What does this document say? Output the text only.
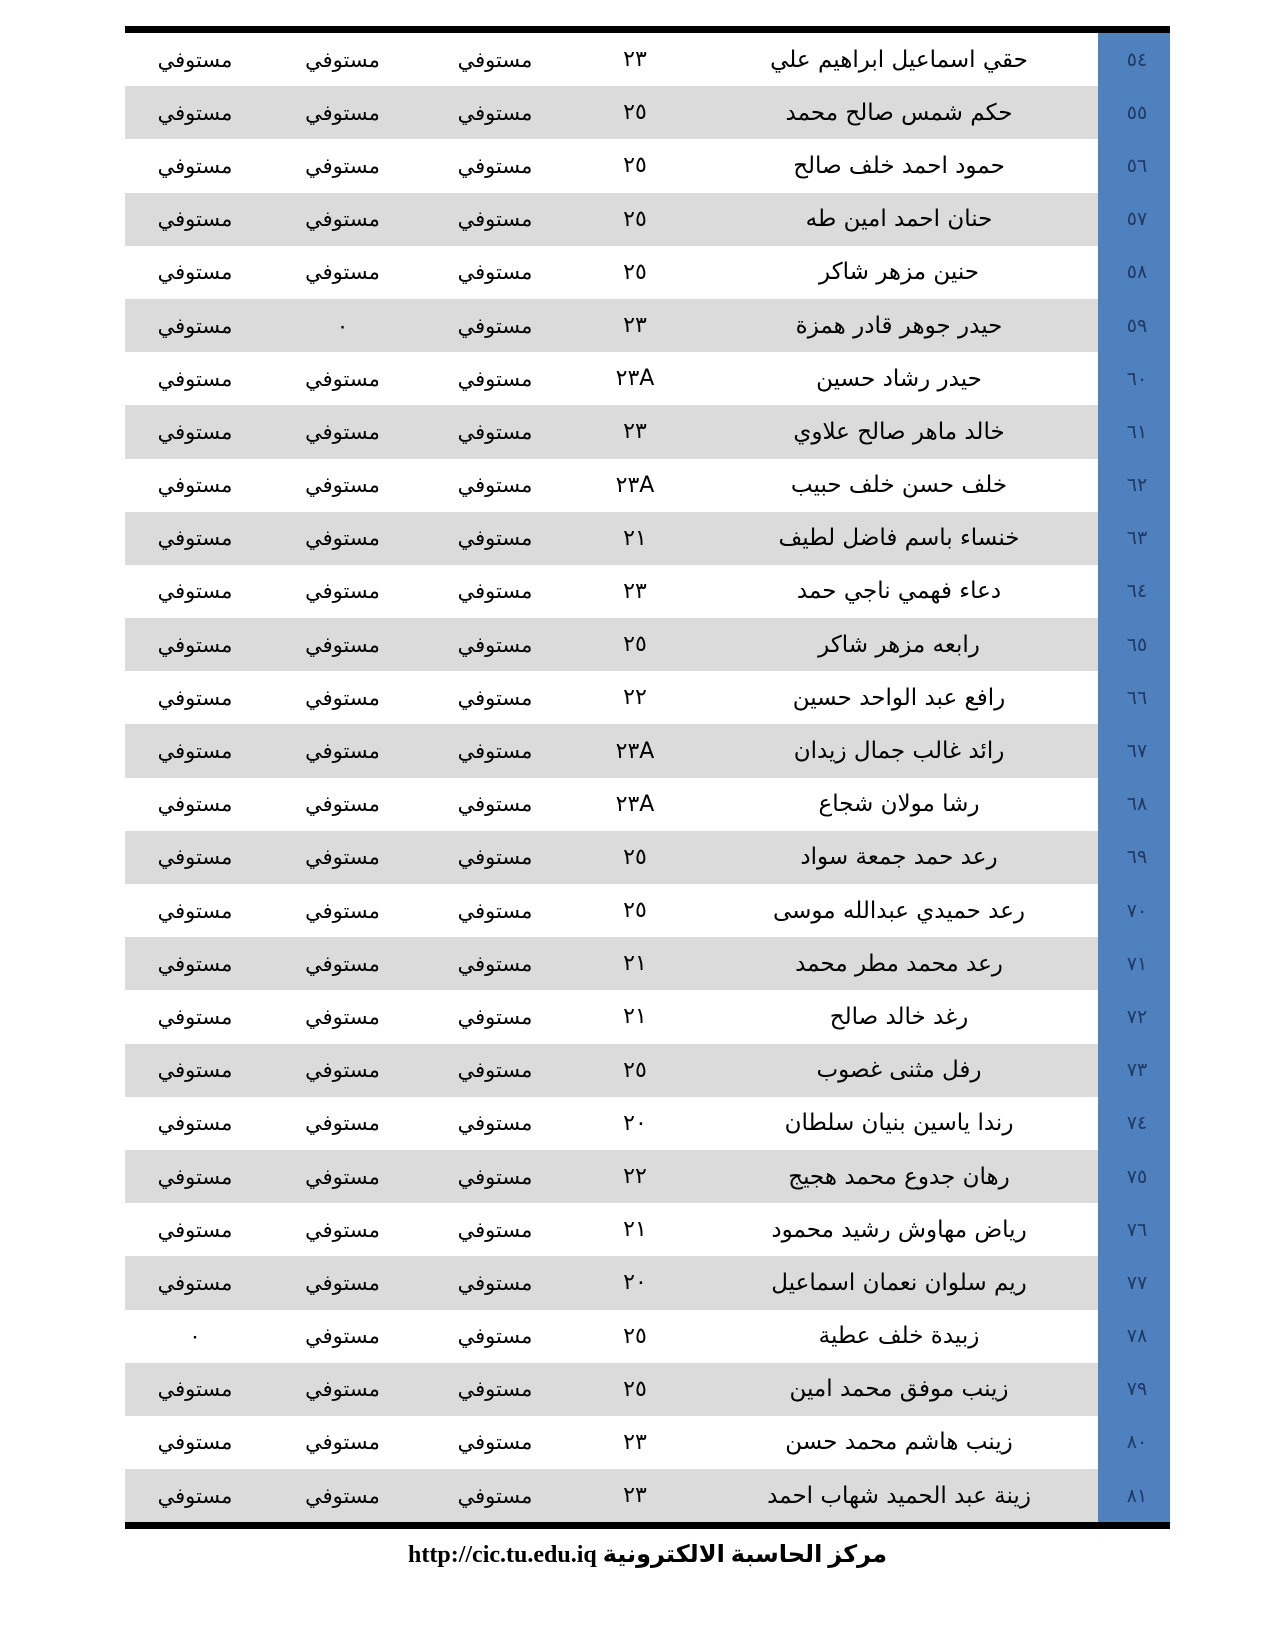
مستوفي	مستوفي	مستوفي	٢٣	حقي اسماعيل ابراهيم علي	٥٤
مستوفي	مستوفي	مستوفي	٢٥	حكم شمس صالح محمد	٥٥
مستوفي	مستوفي	مستوفي	٢٥	حمود احمد خلف صالح	٥٦
مستوفي	مستوفي	مستوفي	٢٥	حنان احمد امين طه	٥٧
مستوفي	مستوفي	مستوفي	٢٥	حنين مزهر شاكر	٥٨
مستوفي	٠	مستوفي	٢٣	حيدر جوهر قادر همزة	٥٩
مستوفي	مستوفي	مستوفي	٢٣A	حيدر رشاد حسين	٦٠
مستوفي	مستوفي	مستوفي	٢٣	خالد ماهر صالح علاوي	٦١
مستوفي	مستوفي	مستوفي	٢٣A	خلف حسن خلف حبيب	٦٢
مستوفي	مستوفي	مستوفي	٢١	خنساء باسم فاضل لطيف	٦٣
مستوفي	مستوفي	مستوفي	٢٣	دعاء فهمي ناجي حمد	٦٤
مستوفي	مستوفي	مستوفي	٢٥	رابعه مزهر شاكر	٦٥
مستوفي	مستوفي	مستوفي	٢٢	رافع عبد الواحد حسين	٦٦
مستوفي	مستوفي	مستوفي	٢٣A	رائد غالب جمال زيدان	٦٧
مستوفي	مستوفي	مستوفي	٢٣A	رشا مولان شجاع	٦٨
مستوفي	مستوفي	مستوفي	٢٥	رعد حمد جمعة سواد	٦٩
مستوفي	مستوفي	مستوفي	٢٥	رعد حميدي عبدالله موسى	٧٠
مستوفي	مستوفي	مستوفي	٢١	رعد محمد مطر محمد	٧١
مستوفي	مستوفي	مستوفي	٢١	رغد خالد صالح	٧٢
مستوفي	مستوفي	مستوفي	٢٥	رفل مثنى غصوب	٧٣
مستوفي	مستوفي	مستوفي	٢٠	رندا ياسين بنيان سلطان	٧٤
مستوفي	مستوفي	مستوفي	٢٢	رهان جدوع محمد هجيج	٧٥
مستوفي	مستوفي	مستوفي	٢١	رياض مهاوش رشيد محمود	٧٦
مستوفي	مستوفي	مستوفي	٢٠	ريم سلوان نعمان اسماعيل	٧٧
٠	مستوفي	مستوفي	٢٥	زبيدة خلف عطية	٧٨
مستوفي	مستوفي	مستوفي	٢٥	زينب موفق محمد امين	٧٩
مستوفي	مستوفي	مستوفي	٢٣	زينب هاشم محمد حسن	٨٠
مستوفي	مستوفي	مستوفي	٢٣	زينة عبد الحميد شهاب احمد	٨١
مركز الحاسبة الالكترونية http://cic.tu.edu.iq
